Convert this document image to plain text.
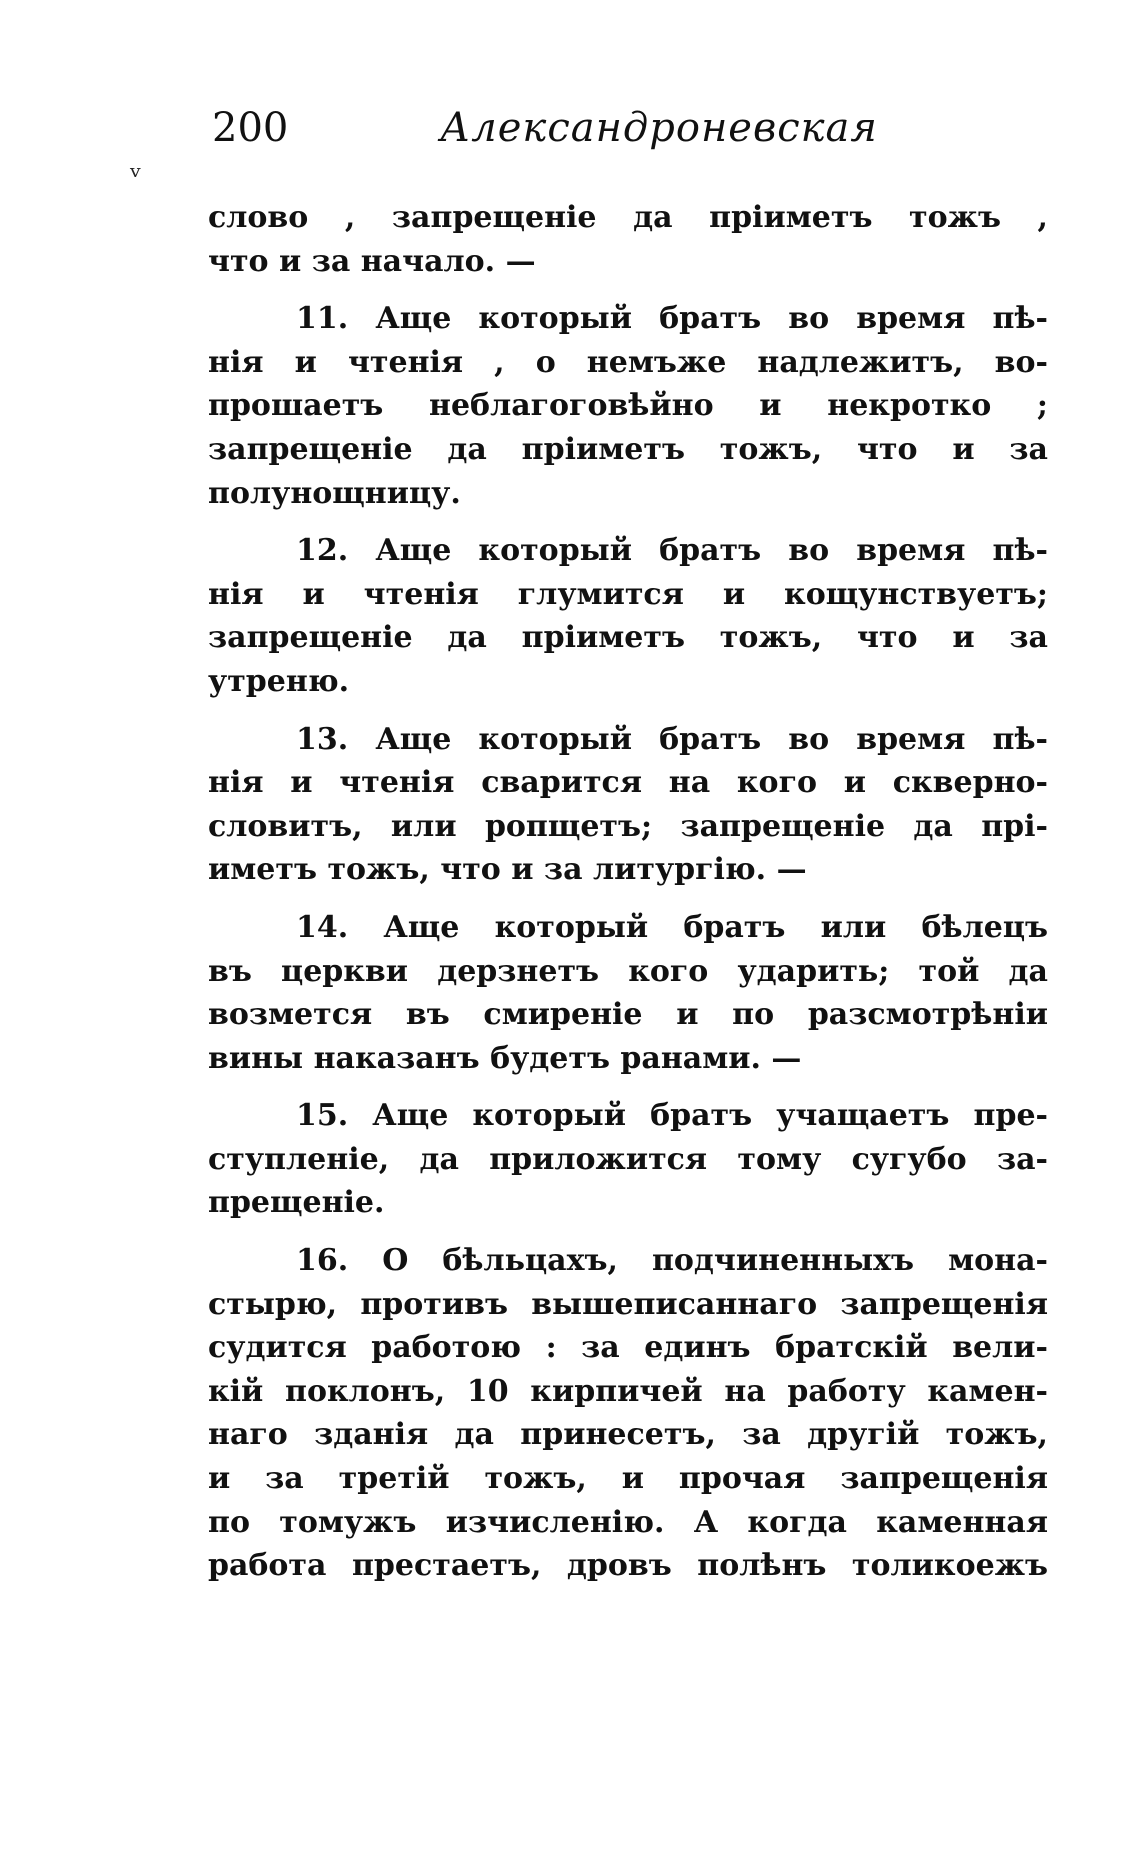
200	Александроневская
ᵛ
слово , запрещеніе да пріиметъ тожъ ,
что и за начало. —
11. Аще который братъ во время пѣ-
нія и чтенія , о немъже надлежитъ, во-
прошаетъ неблагоговѣйно и некротко ;
запрещеніе да пріиметъ тожъ, что и за
полунощницу.
12. Аще который братъ во время пѣ-
нія и чтенія глумится и кощунствуетъ;
запрещеніе да пріиметъ тожъ, что и за
утреню.
13. Аще который братъ во время пѣ-
нія и чтенія сварится на кого и скверно-
словитъ, или ропщетъ; запрещеніе да прі-
иметъ тожъ, что и за литургію. —
14. Аще который братъ или бѣлецъ
въ церкви дерзнетъ кого ударить; той да
возмется въ смиреніе и по разсмотрѣніи
вины наказанъ будетъ ранами. —
15. Аще который братъ учащаетъ пре-
ступленіе, да приложится тому сугубо за-
прещеніе.
16. О бѣльцахъ, подчиненныхъ мона-
стырю, противъ вышеписаннаго запрещенія
судится работою : за единъ братскій вели-
кій поклонъ, 10 кирпичей на работу камен-
наго зданія да принесетъ, за другій тожъ,
и за третій тожъ, и прочая запрещенія
по томужъ изчисленію. А когда каменная
работа престаетъ, дровъ полѣнъ толикоежъ
